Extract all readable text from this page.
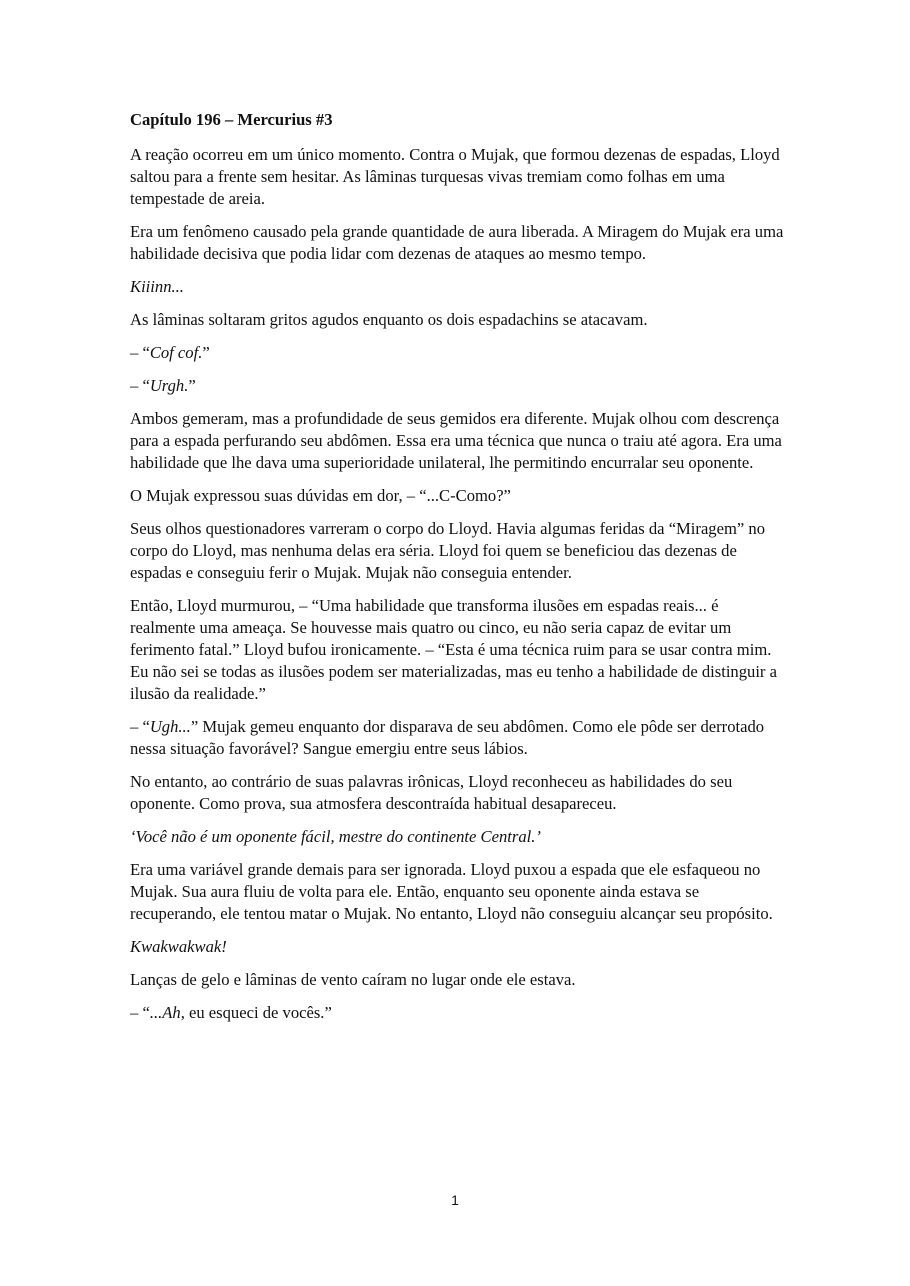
Capítulo 196 – Mercurius #3

A reação ocorreu em um único momento. Contra o Mujak, que formou dezenas de espadas, Lloyd saltou para a frente sem hesitar. As lâminas turquesas vivas tremiam como folhas em uma tempestade de areia.

Era um fenômeno causado pela grande quantidade de aura liberada. A Miragem do Mujak era uma habilidade decisiva que podia lidar com dezenas de ataques ao mesmo tempo.

Kiiinn...

As lâminas soltaram gritos agudos enquanto os dois espadachins se atacavam.

– “Cof cof.”

– “Urgh.”

Ambos gemeram, mas a profundidade de seus gemidos era diferente. Mujak olhou com descrença para a espada perfurando seu abdômen. Essa era uma técnica que nunca o traiu até agora. Era uma habilidade que lhe dava uma superioridade unilateral, lhe permitindo encurralar seu oponente.

O Mujak expressou suas dúvidas em dor, – “...C-Como?”

Seus olhos questionadores varreram o corpo do Lloyd. Havia algumas feridas da “Miragem” no corpo do Lloyd, mas nenhuma delas era séria. Lloyd foi quem se beneficiou das dezenas de espadas e conseguiu ferir o Mujak. Mujak não conseguia entender.

Então, Lloyd murmurou, – “Uma habilidade que transforma ilusões em espadas reais... é realmente uma ameaça. Se houvesse mais quatro ou cinco, eu não seria capaz de evitar um ferimento fatal.” Lloyd bufou ironicamente. – “Esta é uma técnica ruim para se usar contra mim. Eu não sei se todas as ilusões podem ser materializadas, mas eu tenho a habilidade de distinguir a ilusão da realidade.”

– “Ugh...” Mujak gemeu enquanto dor disparava de seu abdômen. Como ele pôde ser derrotado nessa situação favorável? Sangue emergiu entre seus lábios.

No entanto, ao contrário de suas palavras irônicas, Lloyd reconheceu as habilidades do seu oponente. Como prova, sua atmosfera descontraída habitual desapareceu.

‘Você não é um oponente fácil, mestre do continente Central.’

Era uma variável grande demais para ser ignorada. Lloyd puxou a espada que ele esfaqueou no Mujak. Sua aura fluiu de volta para ele. Então, enquanto seu oponente ainda estava se recuperando, ele tentou matar o Mujak. No entanto, Lloyd não conseguiu alcançar seu propósito.

Kwakwakwak!

Lanças de gelo e lâminas de vento caíram no lugar onde ele estava.

– “...Ah, eu esqueci de vocês.”

1
